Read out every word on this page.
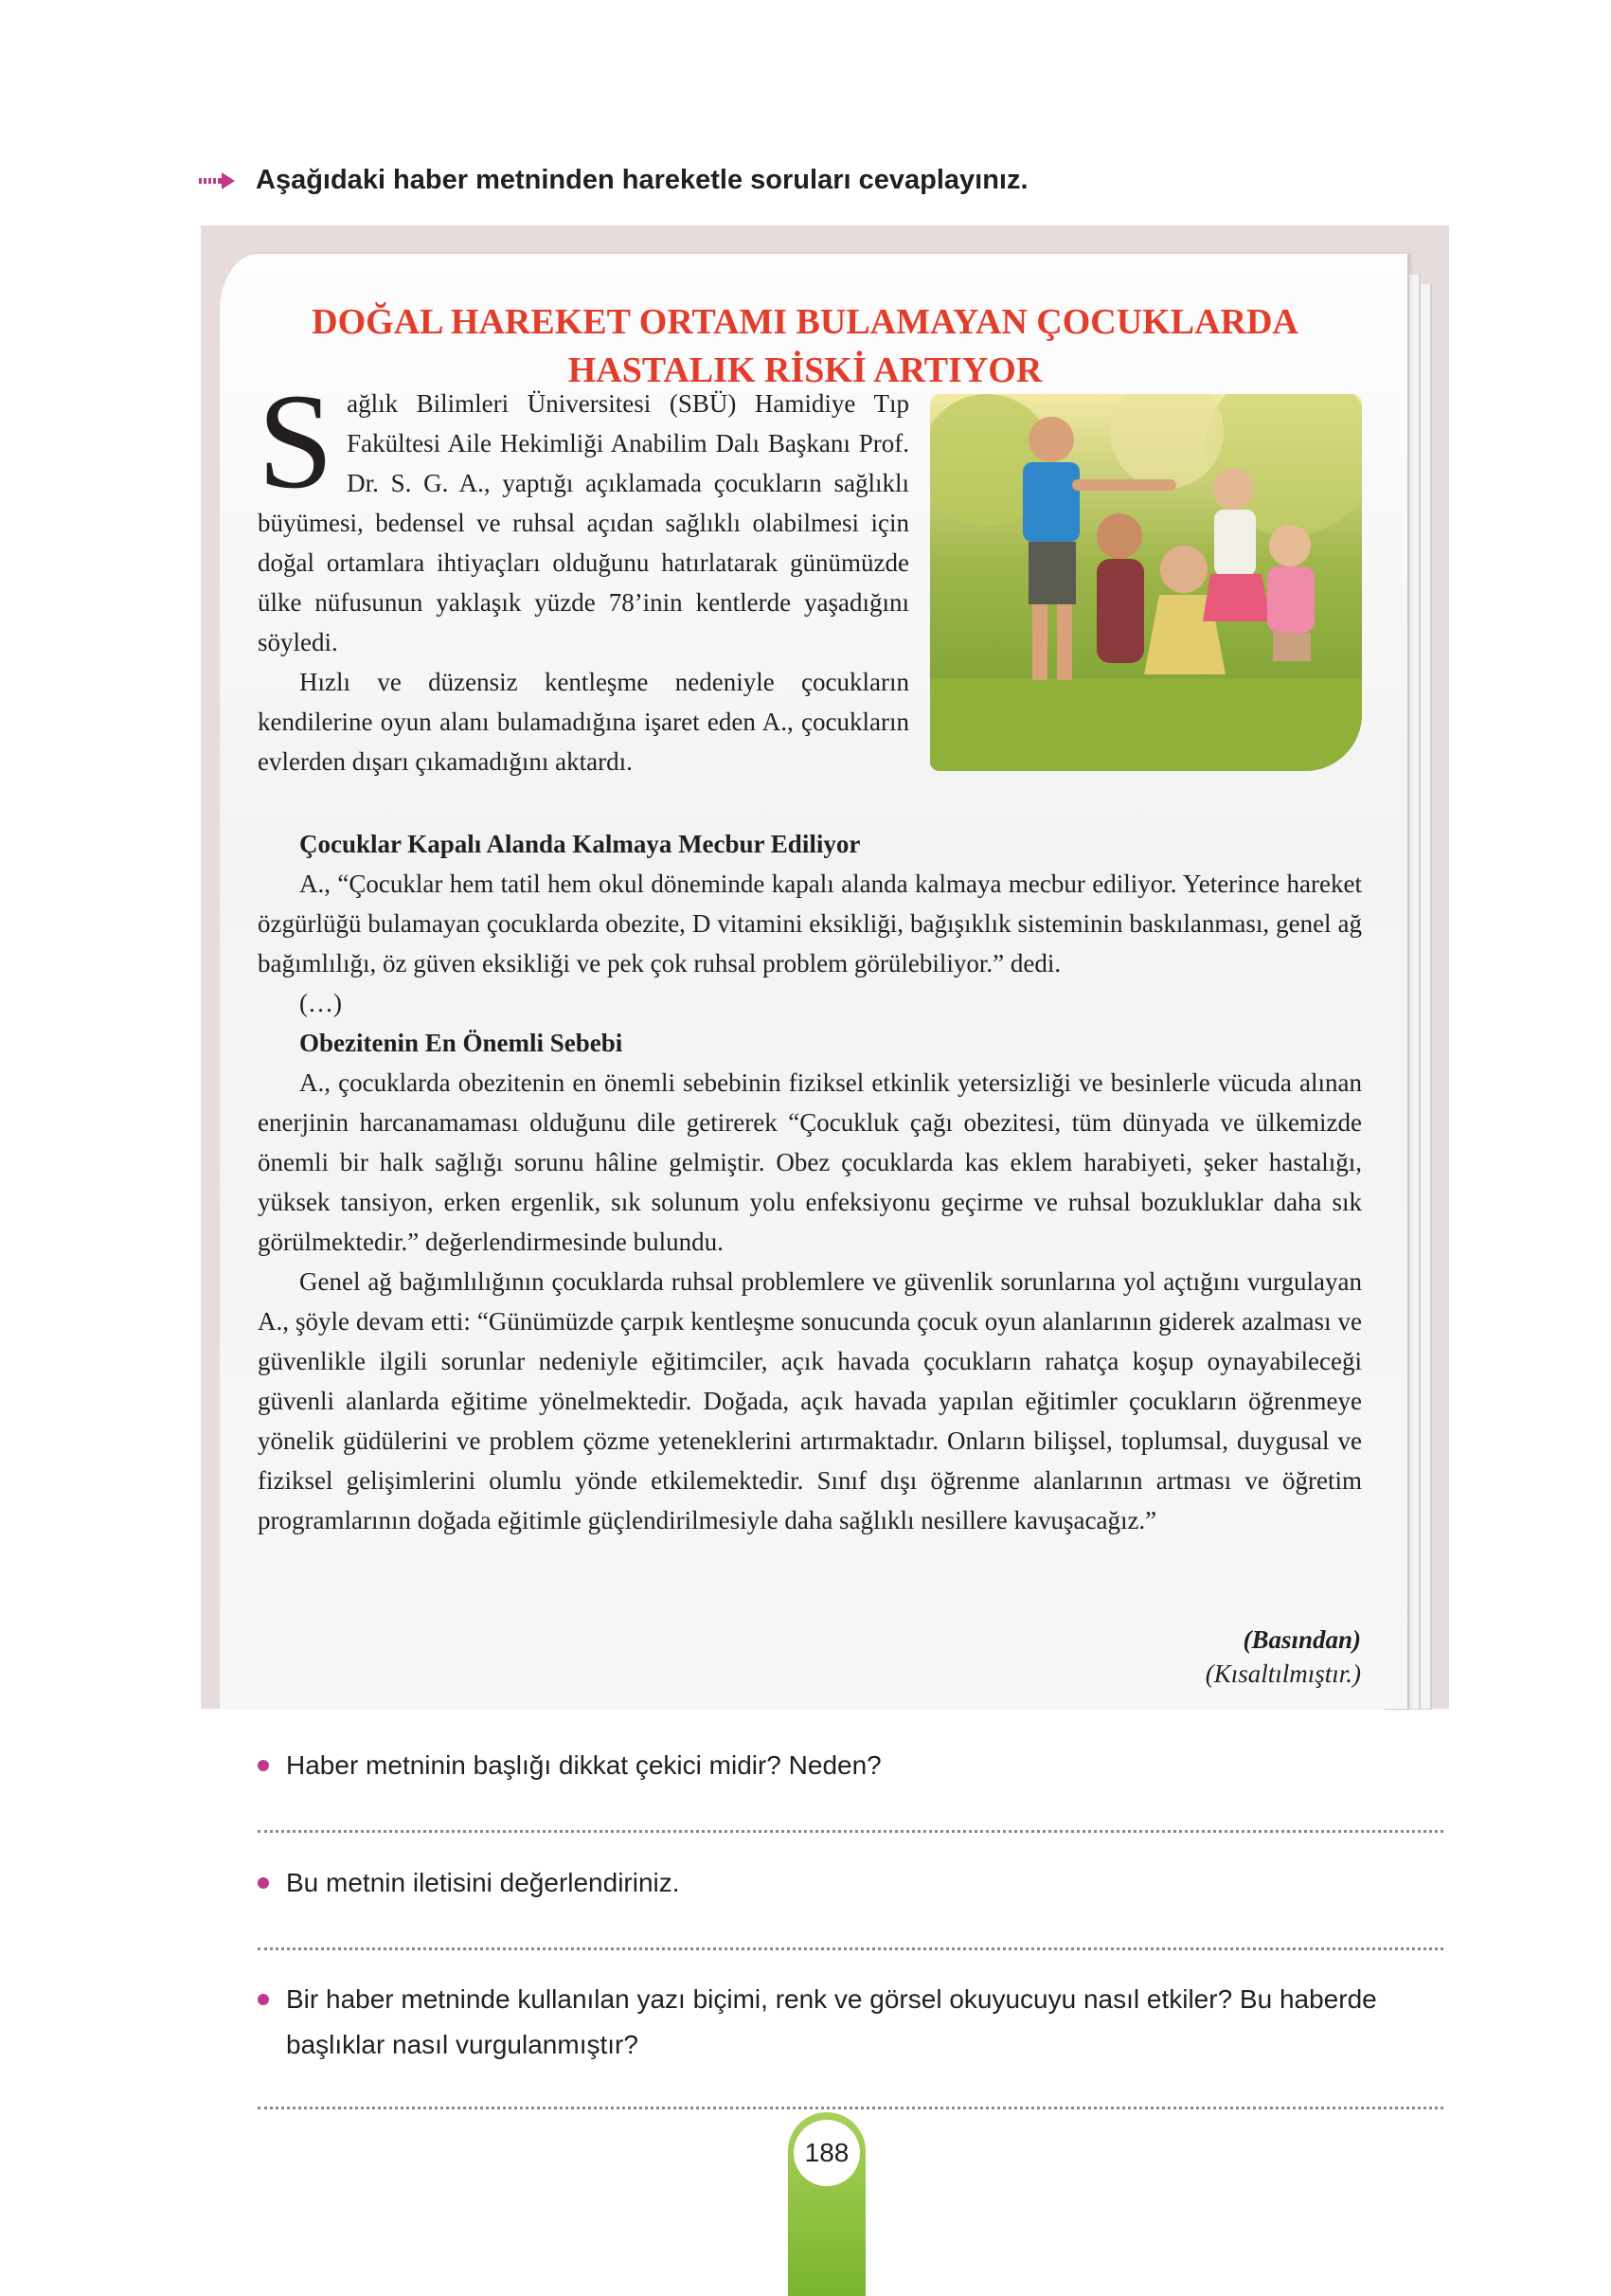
Aşağıdaki haber metninden hareketle soruları cevaplayınız.
DOĞAL HAREKET ORTAMI BULAMAYAN ÇOCUKLARDA
HASTALIK RİSKİ ARTIYOR
S ağlık Bilimleri Üniversitesi (SBÜ) Hamidiye Tıp Fakültesi Aile Hekimliği Anabilim Dalı Başkanı Prof. Dr. S. G. A., yaptığı açıklamada çocukların sağlıklı büyümesi, bedensel ve ruhsal açıdan sağlıklı olabilmesi için doğal ortamlara ihtiyaçları olduğunu hatırlatarak günümüzde ülke nüfusunun yaklaşık yüzde 78’inin kentlerde yaşadığını söyledi.

Hızlı ve düzensiz kentleşme nedeniyle çocukların kendilerine oyun alanı bulamadığına işaret eden A., çocukların evlerden dışarı çıkamadığını aktardı.

Çocuklar Kapalı Alanda Kalmaya Mecbur Ediliyor

A., “Çocuklar hem tatil hem okul döneminde kapalı alanda kalmaya mecbur ediliyor. Yeterince hareket özgürlüğü bulamayan çocuklarda obezite, D vitamini eksikliği, bağışıklık sisteminin baskılanması, genel ağ bağımlılığı, öz güven eksikliği ve pek çok ruhsal problem görülebiliyor.” dedi.

(…)

Obezitenin En Önemli Sebebi

A., çocuklarda obezitenin en önemli sebebinin fiziksel etkinlik yetersizliği ve besinlerle vücuda alınan enerjinin harcanamaması olduğunu dile getirerek “Çocukluk çağı obezitesi, tüm dünyada ve ülkemizde önemli bir halk sağlığı sorunu hâline gelmiştir. Obez çocuklarda kas eklem harabiyeti, şeker hastalığı, yüksek tansiyon, erken ergenlik, sık solunum yolu enfeksiyonu geçirme ve ruhsal bozukluklar daha sık görülmektedir.” değerlendirmesinde bulundu.

Genel ağ bağımlılığının çocuklarda ruhsal problemlere ve güvenlik sorunlarına yol açtığını vurgulayan A., şöyle devam etti: “Günümüzde çarpık kentleşme sonucunda çocuk oyun alanlarının giderek azalması ve güvenlikle ilgili sorunlar nedeniyle eğitimciler, açık havada çocukların rahatça koşup oynayabileceği güvenli alanlarda eğitime yönelmektedir. Doğada, açık havada yapılan eğitimler çocukların öğrenmeye yönelik güdülerini ve problem çözme yeteneklerini artırmaktadır. Onların bilişsel, toplumsal, duygusal ve fiziksel gelişimlerini olumlu yönde etkilemektedir. Sınıf dışı öğrenme alanlarının artması ve öğretim programlarının doğada eğitimle güçlendirilmesiyle daha sağlıklı nesillere kavuşacağız.”

(Basından)
(Kısaltılmıştır.)
Haber metninin başlığı dikkat çekici midir? Neden?
Bu metnin iletisini değerlendiriniz.
Bir haber metninde kullanılan yazı biçimi, renk ve görsel okuyucuyu nasıl etkiler? Bu haberde başlıklar nasıl vurgulanmıştır?
188
